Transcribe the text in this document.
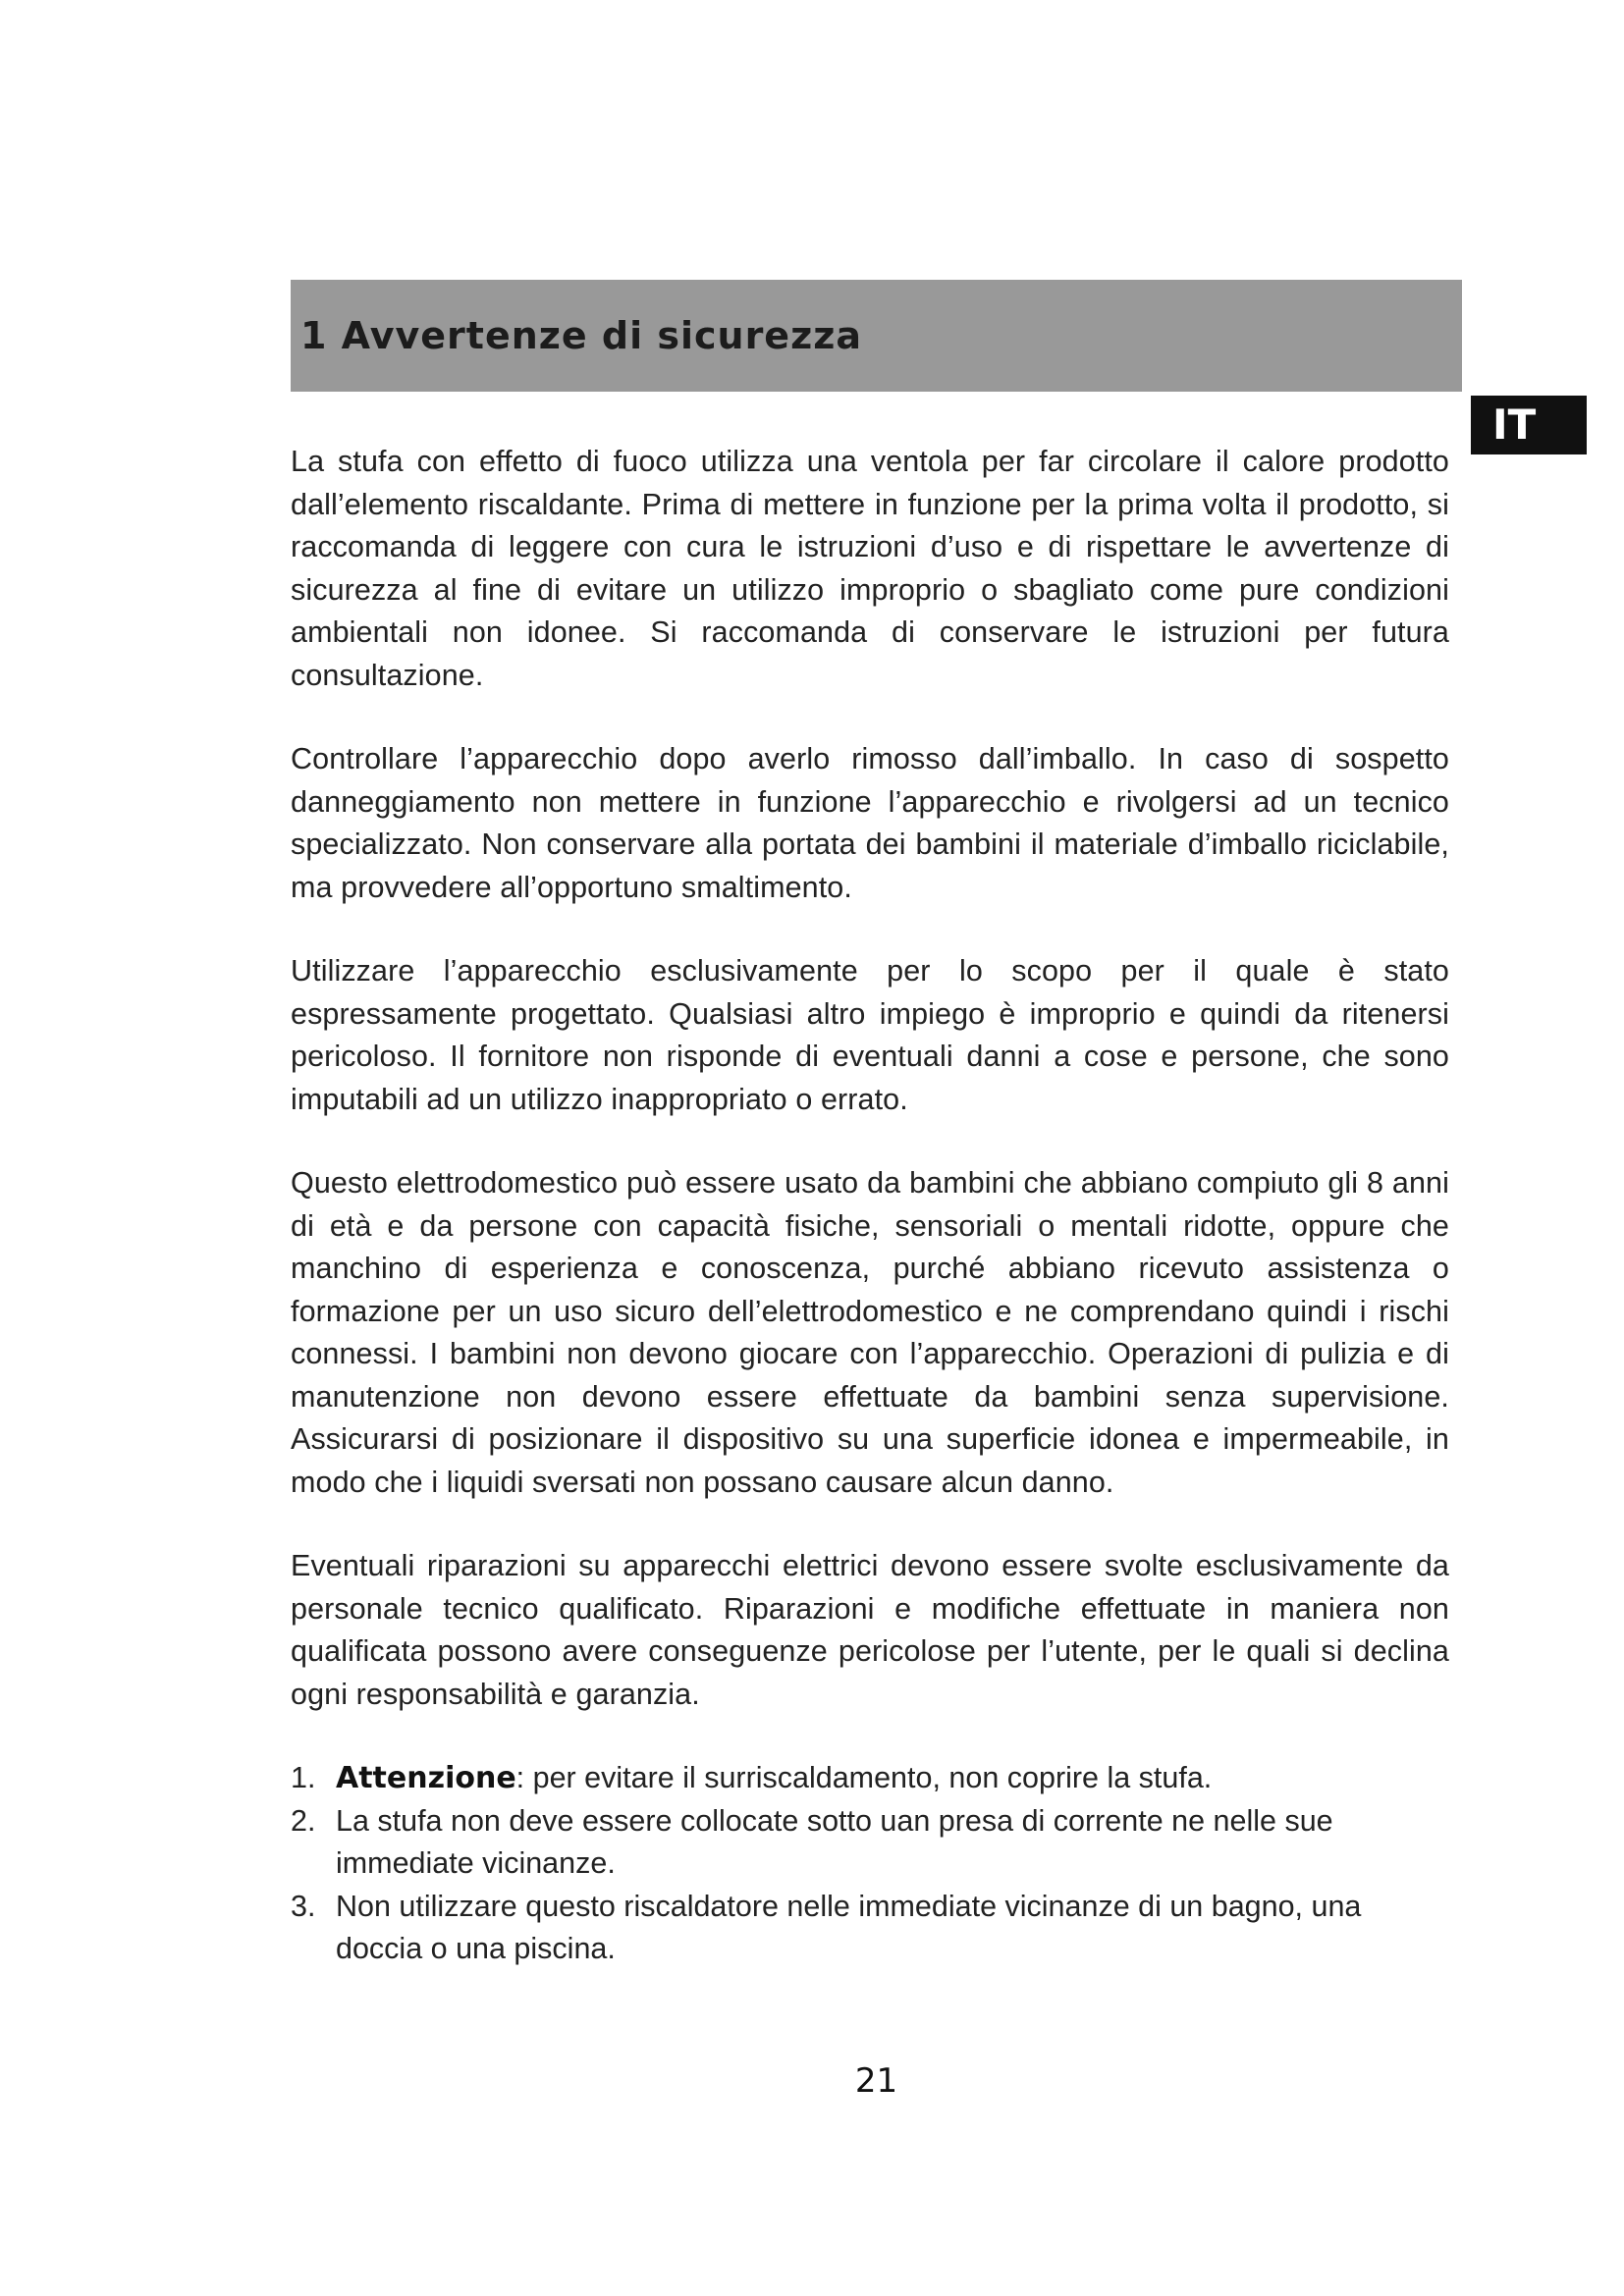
1 Avvertenze di sicurezza
IT

La stufa con effetto di fuoco utilizza una ventola per far circolare il calore prodotto dall’elemento riscaldante. Prima di mettere in funzione per la prima volta il prodotto, si raccomanda di leggere con cura le istruzioni d’uso e di rispettare le avvertenze di sicurezza al fine di evitare un utilizzo improprio o sbagliato come pure condizioni ambientali non idonee. Si raccomanda di conservare le istruzioni per futura consultazione.

Controllare l’apparecchio dopo averlo rimosso dall’imballo. In caso di sospetto danneggiamento non mettere in funzione l’apparecchio e rivolgersi ad un tecnico specializzato. Non conservare alla portata dei bambini il materiale d’imballo riciclabile, ma provvedere all’opportuno smaltimento.

Utilizzare l’apparecchio esclusivamente per lo scopo per il quale è stato espressamente progettato. Qualsiasi altro impiego è improprio e quindi da ritenersi pericoloso. Il fornitore non risponde di eventuali danni a cose e persone, che sono imputabili ad un utilizzo inappropriato o errato.

Questo elettrodomestico può essere usato da bambini che abbiano compiuto gli 8 anni di età e da persone con capacità fisiche, sensoriali o mentali ridotte, oppure che manchino di esperienza e conoscenza, purché abbiano ricevuto assistenza o formazione per un uso sicuro dell’elettrodomestico e ne comprendano quindi i rischi connessi. I bambini non devono giocare con l’apparecchio. Operazioni di pulizia e di manutenzione non devono essere effettuate da bambini senza supervisione. Assicurarsi di posizionare il dispositivo su una superficie idonea e impermeabile, in modo che i liquidi sversati non possano causare alcun danno.

Eventuali riparazioni su apparecchi elettrici devono essere svolte esclusivamente da personale tecnico qualificato. Riparazioni e modifiche effettuate in maniera non qualificata possono avere conseguenze pericolose per l’utente, per le quali si declina ogni responsabilità e garanzia.

1. Attenzione: per evitare il surriscaldamento, non coprire la stufa.
2. La stufa non deve essere collocate sotto uan presa di corrente ne nelle sue immediate vicinanze.
3. Non utilizzare questo riscaldatore nelle immediate vicinanze di un bagno, una doccia o una piscina.
21
